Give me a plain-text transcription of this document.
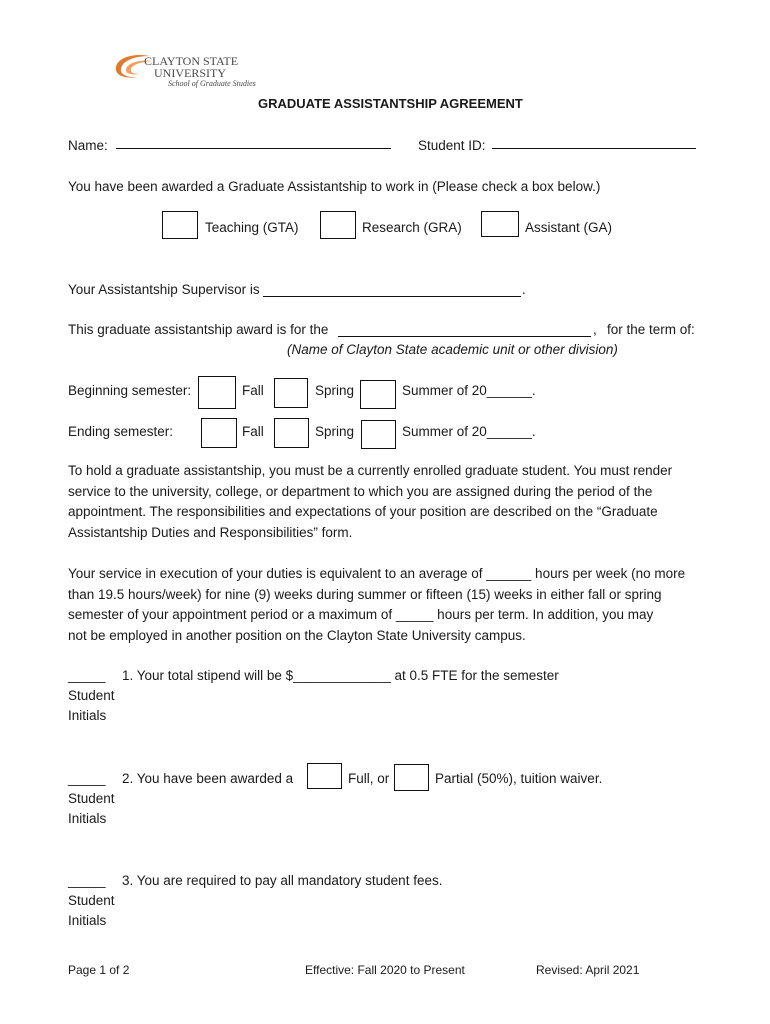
CLAYTON STATE
UNIVERSITY
School of Graduate Studies
GRADUATE ASSISTANTSHIP AGREEMENT
Name:	Student ID:
You have been awarded a Graduate Assistantship to work in (Please check a box below.)
Teaching (GTA)	Research (GRA)	Assistant (GA)
Your Assistantship Supervisor is	.
This graduate assistantship award is for the	, for the term of:
(Name of Clayton State academic unit or other division)
Beginning semester:	Fall	Spring	Summer of 20______.
Ending semester:	Fall	Spring	Summer of 20______.
To hold a graduate assistantship, you must be a currently enrolled graduate student. You must render
service to the university, college, or department to which you are assigned during the period of the
appointment. The responsibilities and expectations of your position are described on the “Graduate
Assistantship Duties and Responsibilities” form.
Your service in execution of your duties is equivalent to an average of ______ hours per week (no more
than 19.5 hours/week) for nine (9) weeks during summer or fifteen (15) weeks in either fall or spring
semester of your appointment period or a maximum of _____ hours per term. In addition, you may
not be employed in another position on the Clayton State University campus.
_____
Student
Initials
1. Your total stipend will be $_____________ at 0.5 FTE for the semester
_____
Student
Initials
2. You have been awarded a	Full, or	Partial (50%), tuition waiver.
_____
Student
Initials
3. You are required to pay all mandatory student fees.
Page 1 of 2	Effective: Fall 2020 to Present	Revised: April 2021
